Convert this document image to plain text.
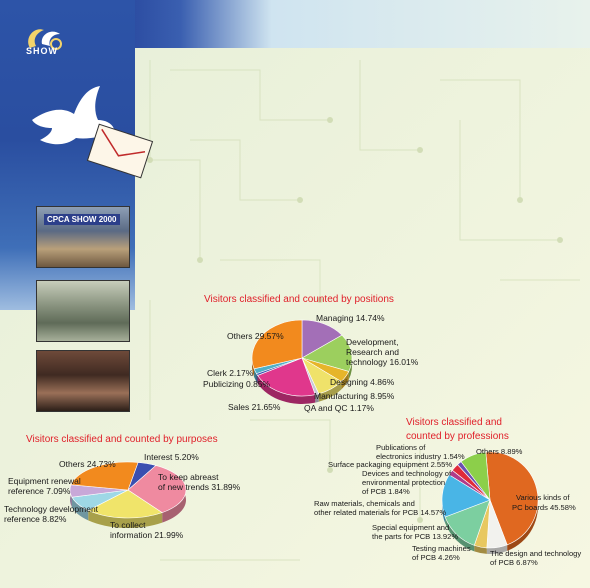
SHOW
CPCA SHOW 2000
Visitors classified and counted by positions
Managing 14.74%
Development, Research and technology 16.01%
Designing 4.86%
Manufacturing 8.95%
QA and QC 1.17%
Sales 21.65%
Publicizing 0.85%
Clerk 2.17%
Others 29.57%
Visitors classified and counted by purposes
Interest 5.20%
To keep abreast of new trends 31.89%
To collect information 21.99%
Technology development reference 8.82%
Equipment renewal reference 7.09%
Others 24.73%
Visitors classified and counted by professions
Various kinds of PC boards 45.58%
The design and technology of PCB 6.87%
Testing machines of PCB 4.26%
Special equipment and the parts for PCB 13.92%
Raw materials, chemicals and other related materials for PCB 14.57%
Devices and technology of environmental protection of PCB 1.84%
Surface packaging equipment 2.55%
Publications of electronics industry 1.54%
Others 8.89%
